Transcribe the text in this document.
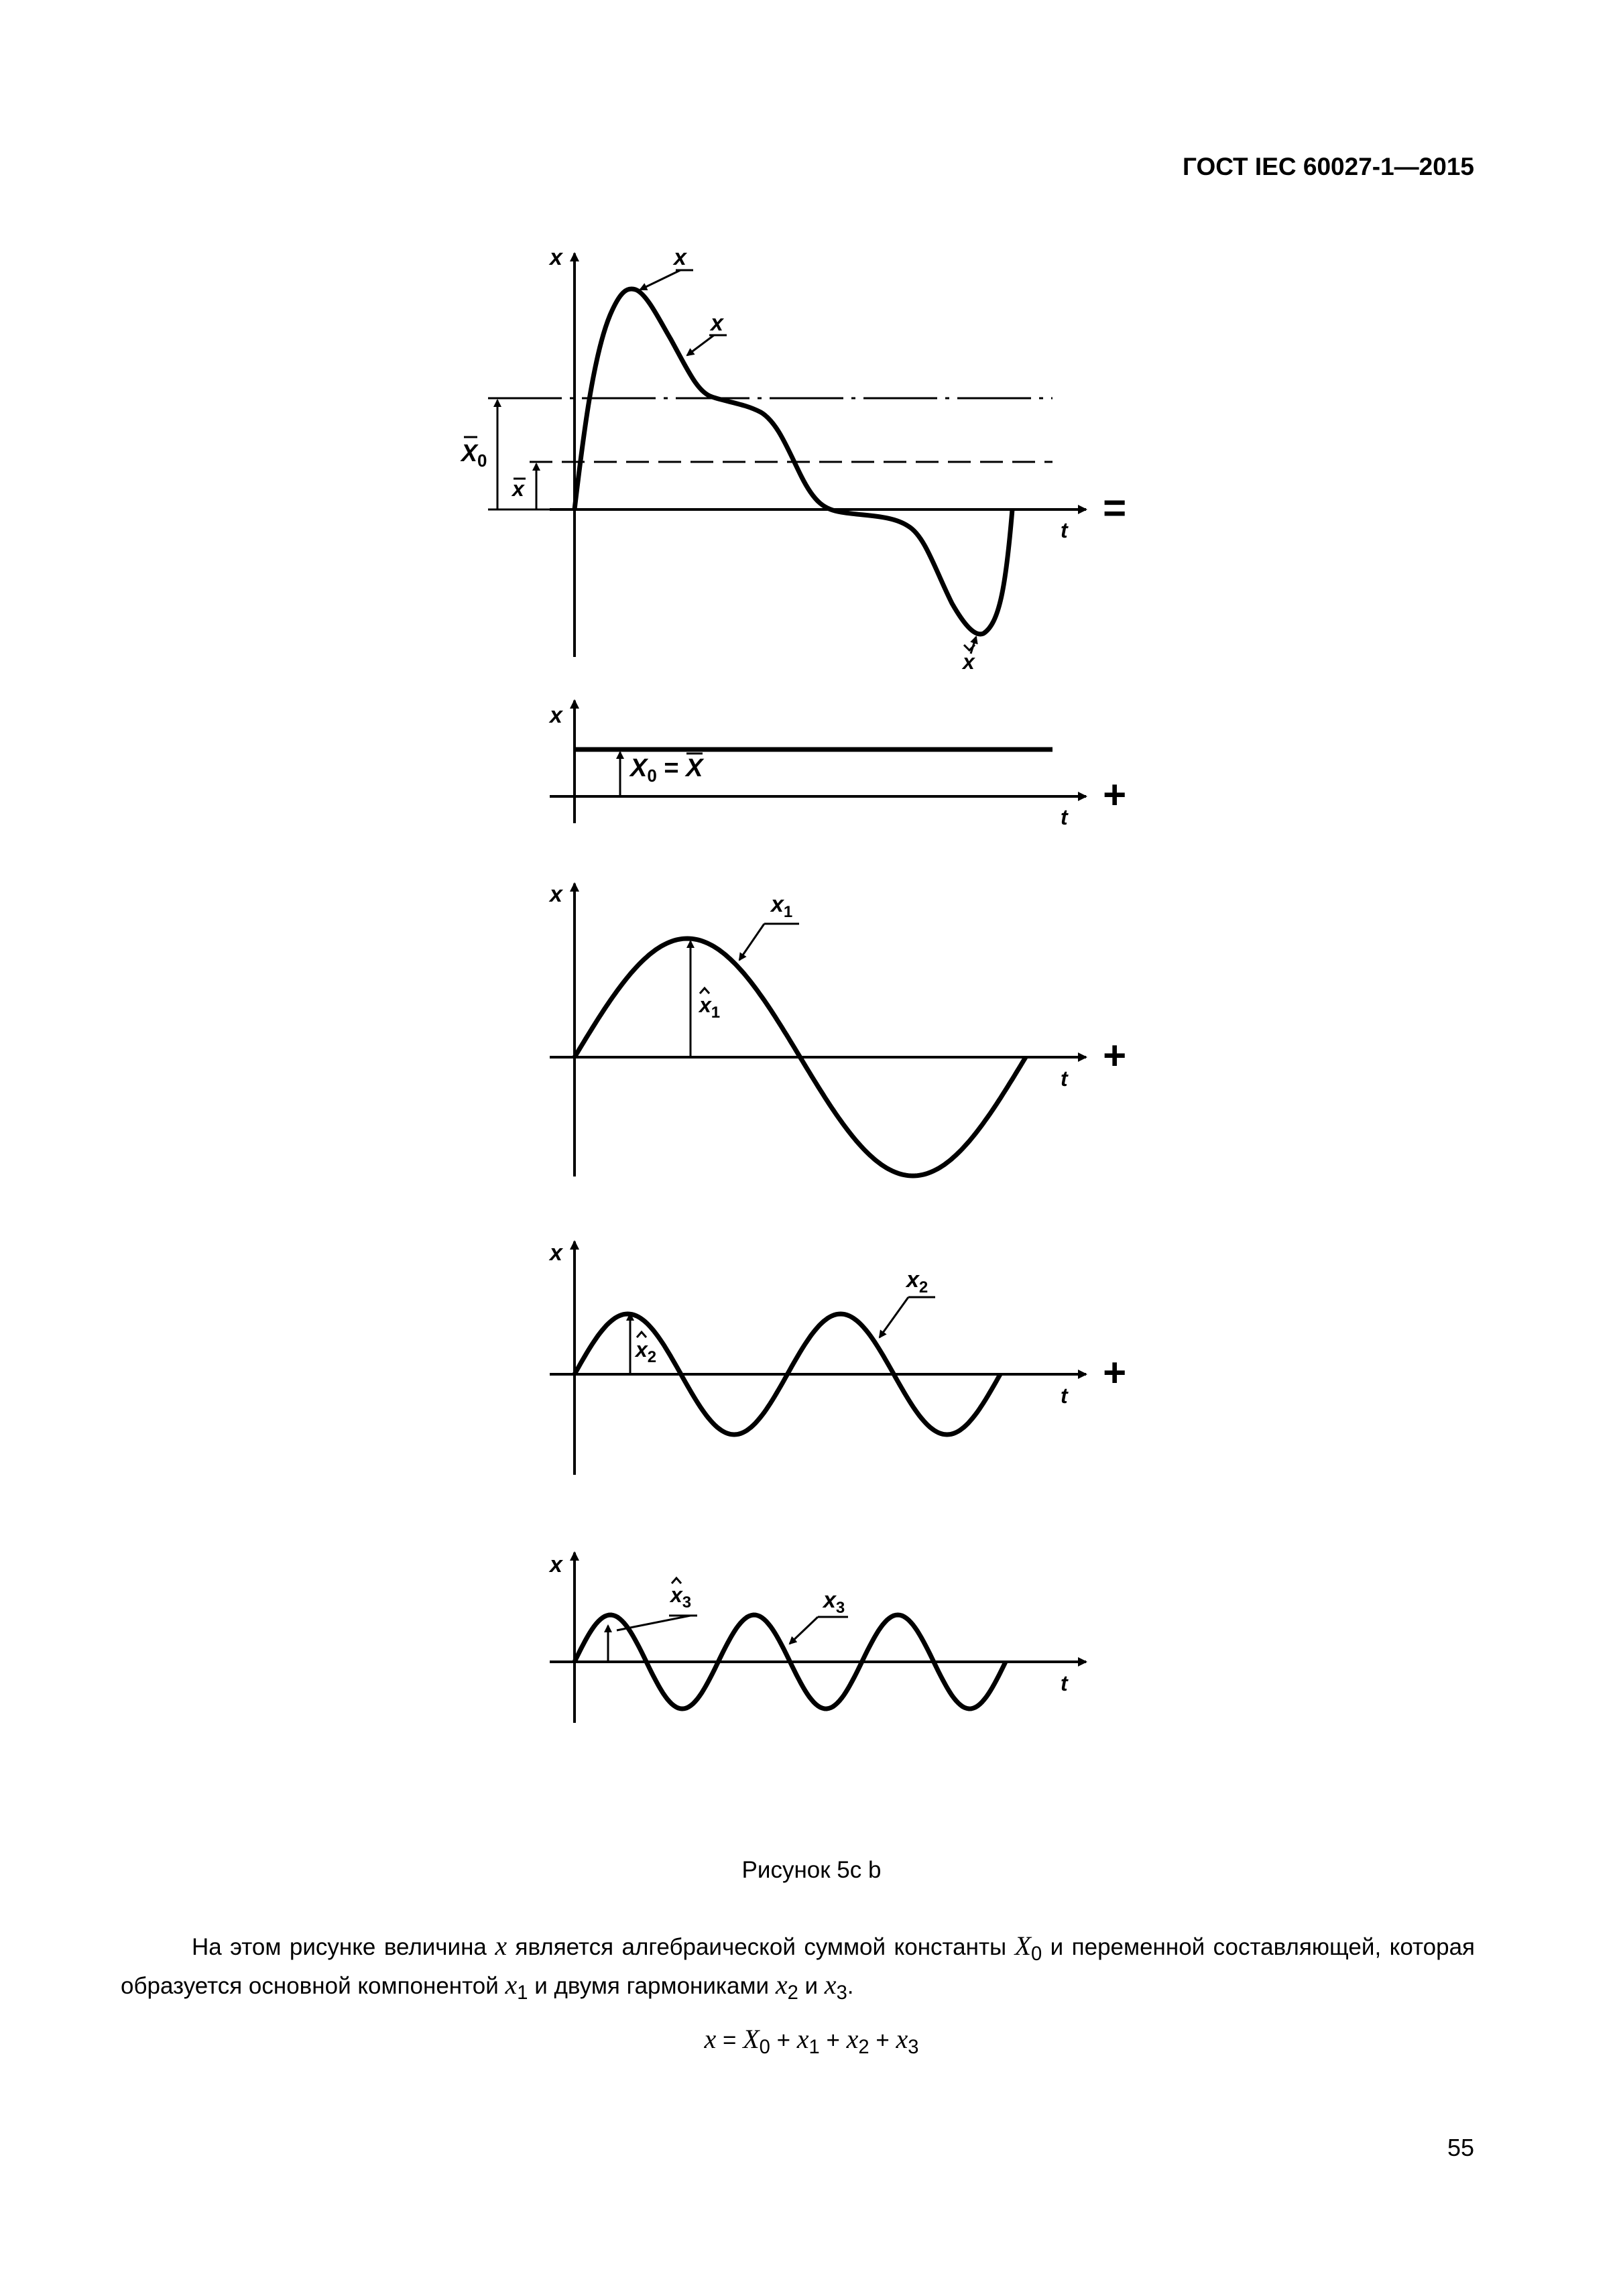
ГОСТ IEC 60027-1—2015
x
t
$X_0$
x
x
x
x
=
x
t
$X_0 = X$
+
x
t
$x_1$
$x_1$
+
x
t
$x_2$
$x_2$
+
x
t
$x_3$	$x_3$
Рисунок 5с b
На этом рисунке величина x является алгебраической суммой константы $X_0$ и переменной составляющей, которая образуется основной компонентой $x_1$ и двумя гармониками $x_2$ и $x_3$.
$x = X_0 + x_1 + x_2 + x_3$
55
